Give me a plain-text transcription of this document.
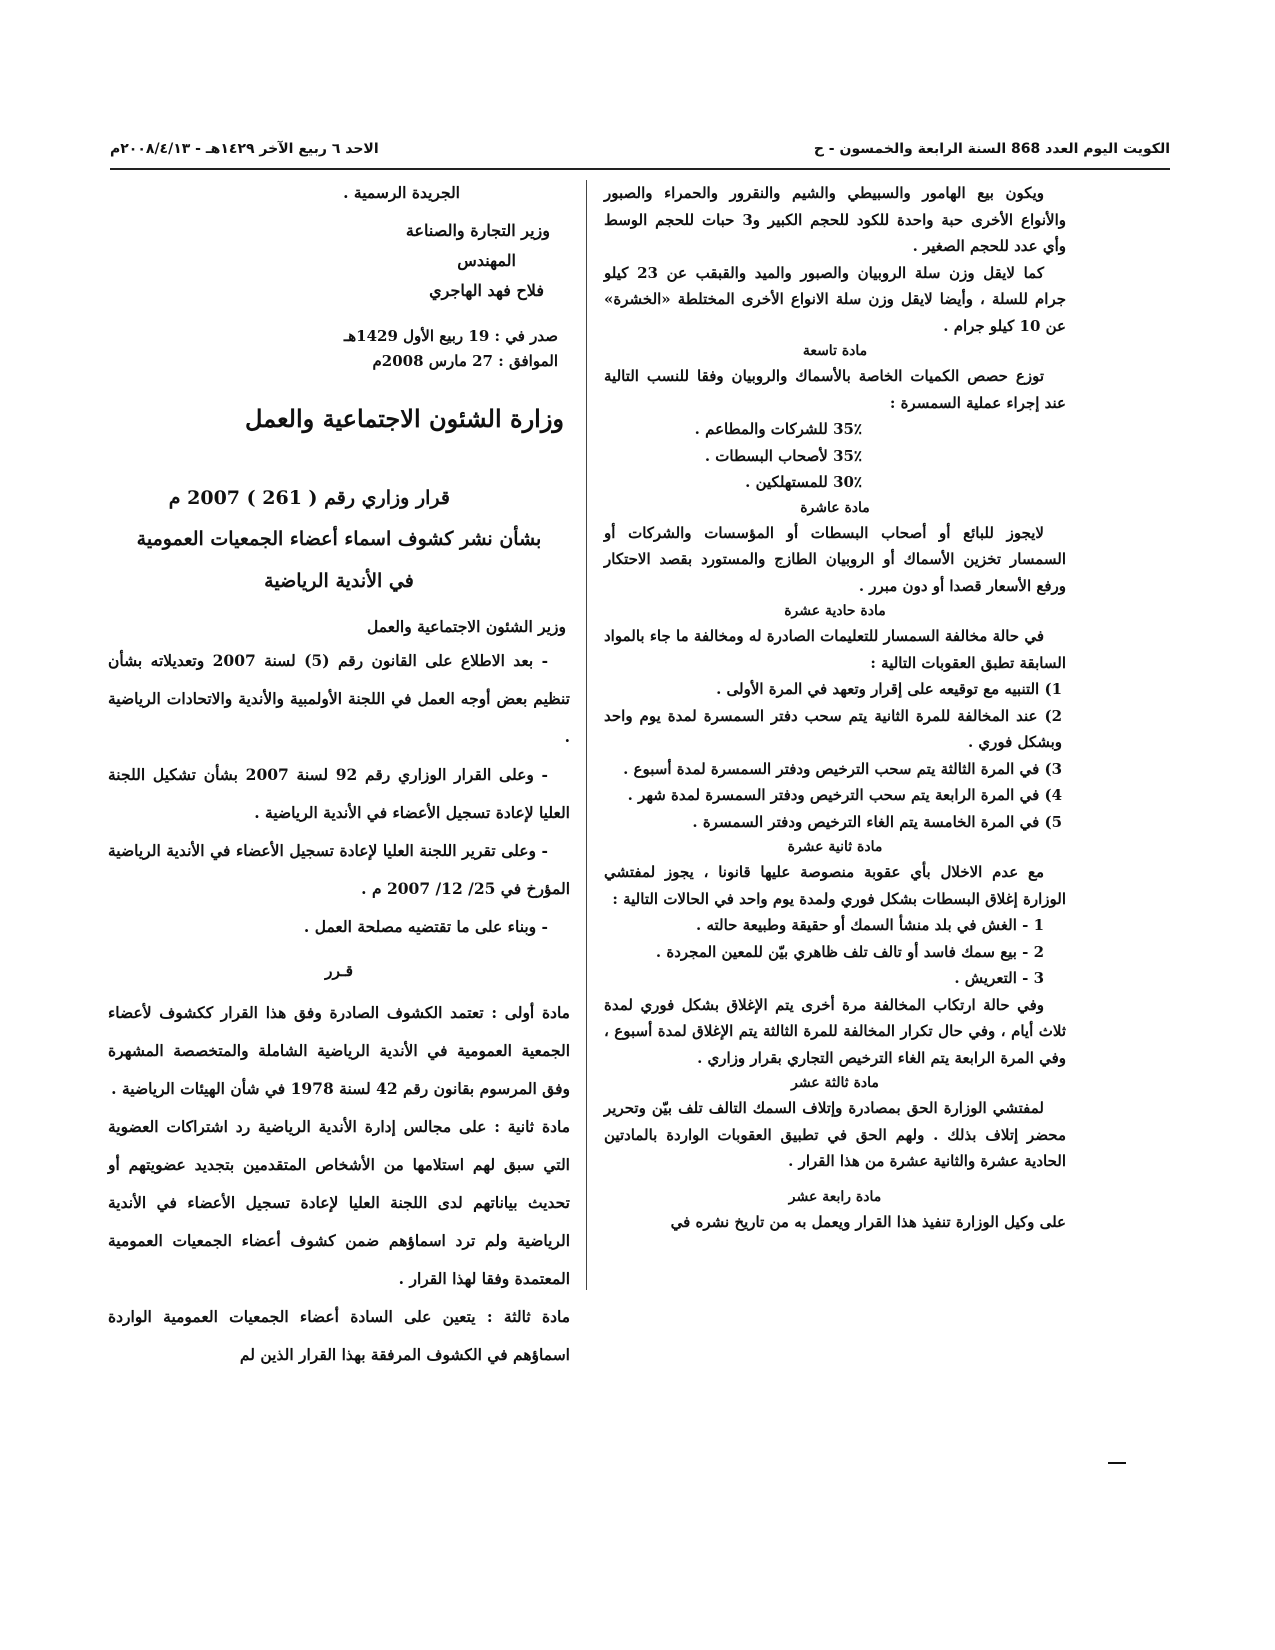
الكويت اليوم العدد 868 السنة الرابعة والخمسون - ح
الاحد ٦ ربيع الآخر ١٤٢٩هـ - ٢٠٠٨/٤/١٣م

ويكون بيع الهامور والسبيطي والشيم والنقرور والحمراء والصبور والأنواع الأخرى حبة واحدة للكود للحجم الكبير و3 حبات للحجم الوسط وأي عدد للحجم الصغير .

كما لايقل وزن سلة الروبيان والصبور والميد والقبقب عن 23 كيلو جرام للسلة ، وأيضا لايقل وزن سلة الانواع الأخرى المختلطة «الخشرة» عن 10 كيلو جرام .

مادة تاسعة

توزع حصص الكميات الخاصة بالأسماك والروبيان وفقا للنسب التالية عند إجراء عملية السمسرة :

35٪ للشركات والمطاعم .

35٪ لأصحاب البسطات .

30٪ للمستهلكين .

مادة عاشرة

لايجوز للبائع أو أصحاب البسطات أو المؤسسات والشركات أو السمسار تخزين الأسماك أو الروبيان الطازج والمستورد بقصد الاحتكار ورفع الأسعار قصدا أو دون مبرر .

مادة حادية عشرة

في حالة مخالفة السمسار للتعليمات الصادرة له ومخالفة ما جاء بالمواد السابقة تطبق العقوبات التالية :

1) التنبيه مع توقيعه على إقرار وتعهد في المرة الأولى .

2) عند المخالفة للمرة الثانية يتم سحب دفتر السمسرة لمدة يوم واحد وبشكل فوري .

3) في المرة الثالثة يتم سحب الترخيص ودفتر السمسرة لمدة أسبوع .

4) في المرة الرابعة يتم سحب الترخيص ودفتر السمسرة لمدة شهر .

5) في المرة الخامسة يتم الغاء الترخيص ودفتر السمسرة .

مادة ثانية عشرة

مع عدم الاخلال بأي عقوبة منصوصة عليها قانونا ، يجوز لمفتشي الوزارة إغلاق البسطات بشكل فوري ولمدة يوم واحد في الحالات التالية :

1 - الغش في بلد منشأ السمك أو حقيقة وطبيعة حالته .

2 - بيع سمك فاسد أو تالف تلف ظاهري بيّن للمعين المجردة .

3 - التعريش .

وفي حالة ارتكاب المخالفة مرة أخرى يتم الإغلاق بشكل فوري لمدة ثلاث أيام ، وفي حال تكرار المخالفة للمرة الثالثة يتم الإغلاق لمدة أسبوع ، وفي المرة الرابعة يتم الغاء الترخيص التجاري بقرار وزاري .

مادة ثالثة عشر

لمفتشي الوزارة الحق بمصادرة وإتلاف السمك التالف تلف بيّن وتحرير محضر إتلاف بذلك . ولهم الحق في تطبيق العقوبات الواردة بالمادتين الحادية عشرة والثانية عشرة من هذا القرار .

مادة رابعة عشر

على وكيل الوزارة تنفيذ هذا القرار ويعمل به من تاريخ نشره في

الجريدة الرسمية .

وزير التجارة والصناعة
المهندس
فلاح فهد الهاجري
صدر في : 19 ربيع الأول 1429هـ
الموافق : 27 مارس 2008م

وزارة الشئون الاجتماعية والعمل

قرار وزاري رقم ( 261 ) 2007 م

بشأن نشر كشوف اسماء أعضاء الجمعيات العمومية

في الأندية الرياضية

وزير الشئون الاجتماعية والعمل

- بعد الاطلاع على القانون رقم (5) لسنة 2007 وتعديلاته بشأن تنظيم بعض أوجه العمل في اللجنة الأولمبية والأندية والاتحادات الرياضية .

- وعلى القرار الوزاري رقم 92 لسنة 2007 بشأن تشكيل اللجنة العليا لإعادة تسجيل الأعضاء في الأندية الرياضية .

- وعلى تقرير اللجنة العليا لإعادة تسجيل الأعضاء في الأندية الرياضية المؤرخ في 25/ 12/ 2007 م .

- وبناء على ما تقتضيه مصلحة العمل .

قـرر

مادة أولى : تعتمد الكشوف الصادرة وفق هذا القرار ككشوف لأعضاء الجمعية العمومية في الأندية الرياضية الشاملة والمتخصصة المشهرة وفق المرسوم بقانون رقم 42 لسنة 1978 في شأن الهيئات الرياضية .

مادة ثانية : على مجالس إدارة الأندية الرياضية رد اشتراكات العضوية التي سبق لهم استلامها من الأشخاص المتقدمين بتجديد عضويتهم أو تحديث بياناتهم لدى اللجنة العليا لإعادة تسجيل الأعضاء في الأندية الرياضية ولم ترد اسماؤهم ضمن كشوف أعضاء الجمعيات العمومية المعتمدة وفقا لهذا القرار .

مادة ثالثة : يتعين على السادة أعضاء الجمعيات العمومية الواردة اسماؤهم في الكشوف المرفقة بهذا القرار الذين لم
